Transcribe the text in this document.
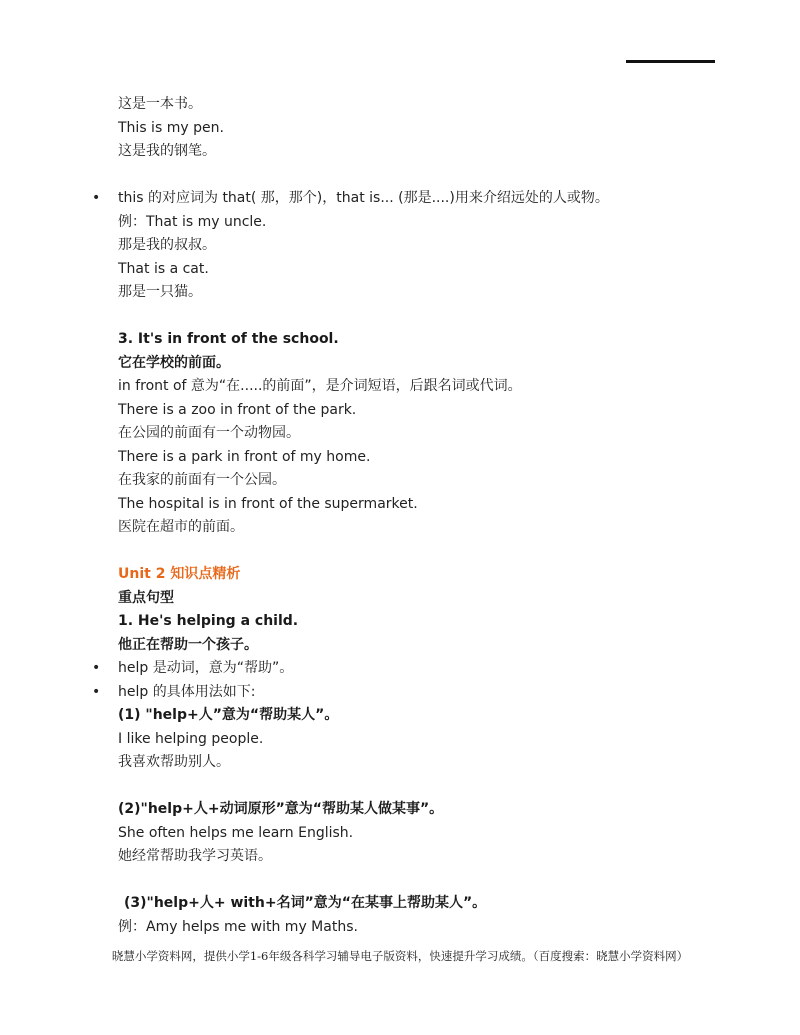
这是一本书。
This is my pen.
这是我的钢笔。
• this 的对应词为 that( 那，那个)，that is... (那是....)用来介绍远处的人或物。
例：That is my uncle.
那是我的叔叔。
That is a cat.
那是一只猫。
3. It's in front of the school.
它在学校的前面。
in front of 意为“在.....的前面”，是介词短语，后跟名词或代词。
There is a zoo in front of the park.
在公园的前面有一个动物园。
There is a park in front of my home.
在我家的前面有一个公园。
The hospital is in front of the supermarket.
医院在超市的前面。
Unit 2 知识点精析
重点句型
1. He's helping a child.
他正在帮助一个孩子。
• help 是动词，意为“帮助”。
• help 的具体用法如下:
(1) "help+人”意为“帮助某人”。
I like helping people.
我喜欢帮助别人。
(2)"help+人+动词原形”意为“帮助某人做某事”。
She often helps me learn English.
她经常帮助我学习英语。
(3)"help+人+ with+名词”意为“在某事上帮助某人”。
例：Amy helps me with my Maths.
晓慧小学资料网，提供小学1-6年级各科学习辅导电子版资料，快速提升学习成绩。（百度搜索：晓慧小学资料网）
